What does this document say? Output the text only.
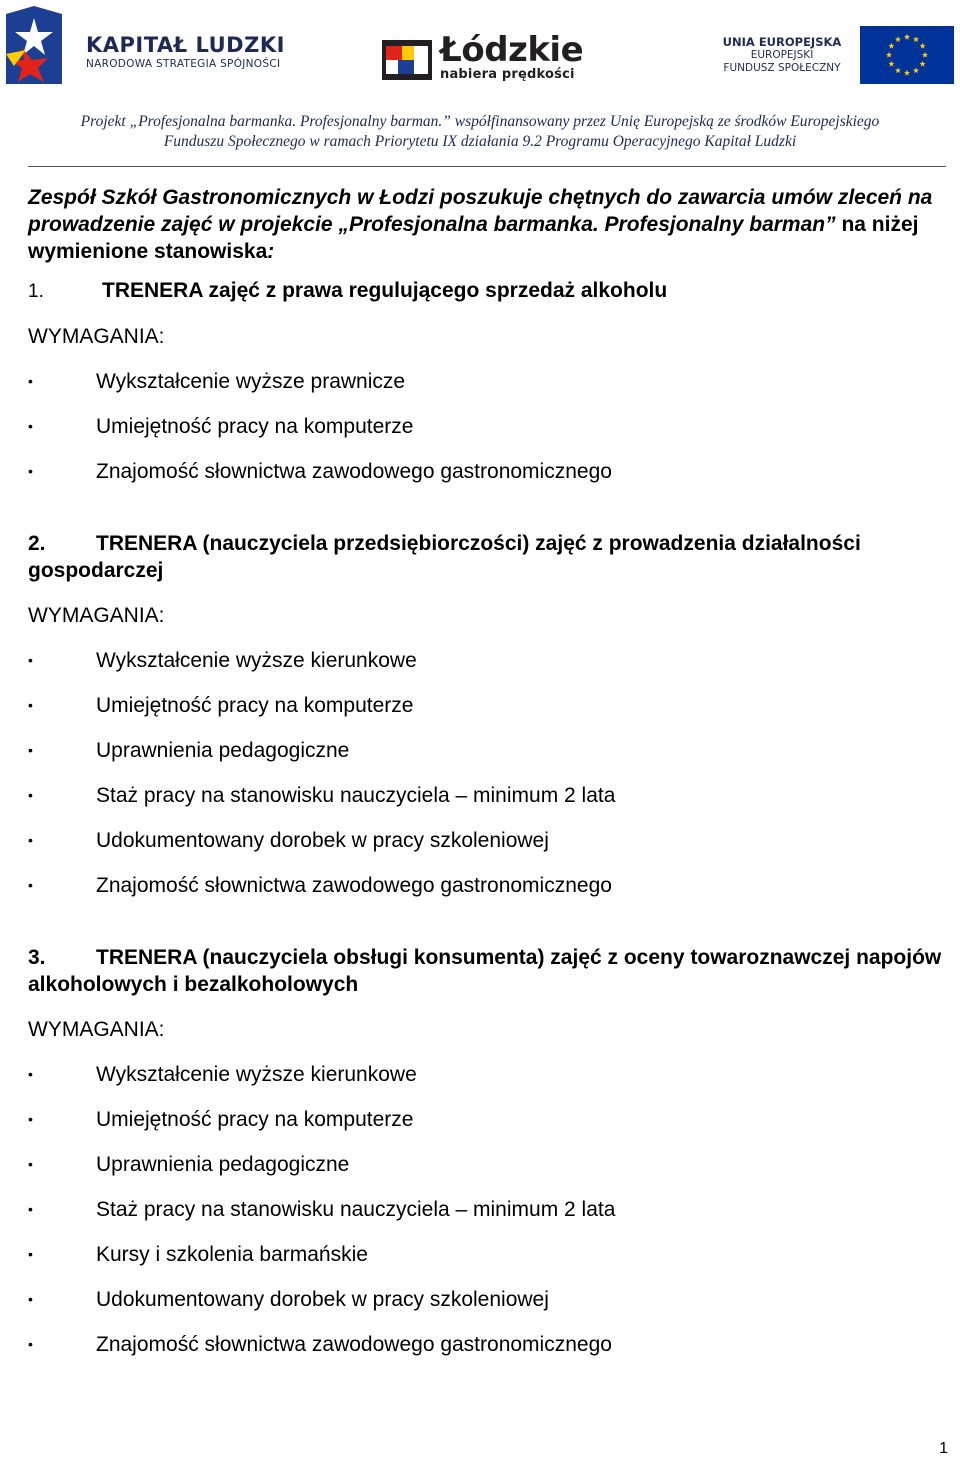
KAPITAŁ LUDZKI
NARODOWA STRATEGIA SPÓJNOŚCI	Łódzkie
nabiera prędkości
UNIA EUROPEJSKA
EUROPEJSKI
FUNDUSZ SPOŁECZNY
Projekt „Profesjonalna barmanka. Profesjonalny barman.” współfinansowany przez Unię Europejską ze środków Europejskiego
Funduszu Społecznego w ramach Priorytetu IX działania 9.2 Programu Operacyjnego Kapitał Ludzki

Zespół Szkół Gastronomicznych w Łodzi poszukuje chętnych do zawarcia umów zleceń na prowadzenie zajęć w projekcie „Profesjonalna barmanka. Profesjonalny barman” na niżej wymienione stanowiska:

1.	TRENERA zajęć z prawa regulującego sprzedaż alkoholu

WYMAGANIA:

•	Wykształcenie wyższe prawnicze
•	Umiejętność pracy na komputerze
•	Znajomość słownictwa zawodowego gastronomicznego

2. TRENERA (nauczyciela przedsiębiorczości) zajęć z prowadzenia działalności gospodarczej

WYMAGANIA:

•	Wykształcenie wyższe kierunkowe
•	Umiejętność pracy na komputerze
•	Uprawnienia pedagogiczne
•	Staż pracy na stanowisku nauczyciela – minimum 2 lata
•	Udokumentowany dorobek w pracy szkoleniowej
•	Znajomość słownictwa zawodowego gastronomicznego

3. TRENERA (nauczyciela obsługi konsumenta) zajęć z oceny towaroznawczej napojów alkoholowych i bezalkoholowych

WYMAGANIA:

•	Wykształcenie wyższe kierunkowe
•	Umiejętność pracy na komputerze
•	Uprawnienia pedagogiczne
•	Staż pracy na stanowisku nauczyciela – minimum 2 lata
•	Kursy i szkolenia barmańskie
•	Udokumentowany dorobek w pracy szkoleniowej
•	Znajomość słownictwa zawodowego gastronomicznego
1
